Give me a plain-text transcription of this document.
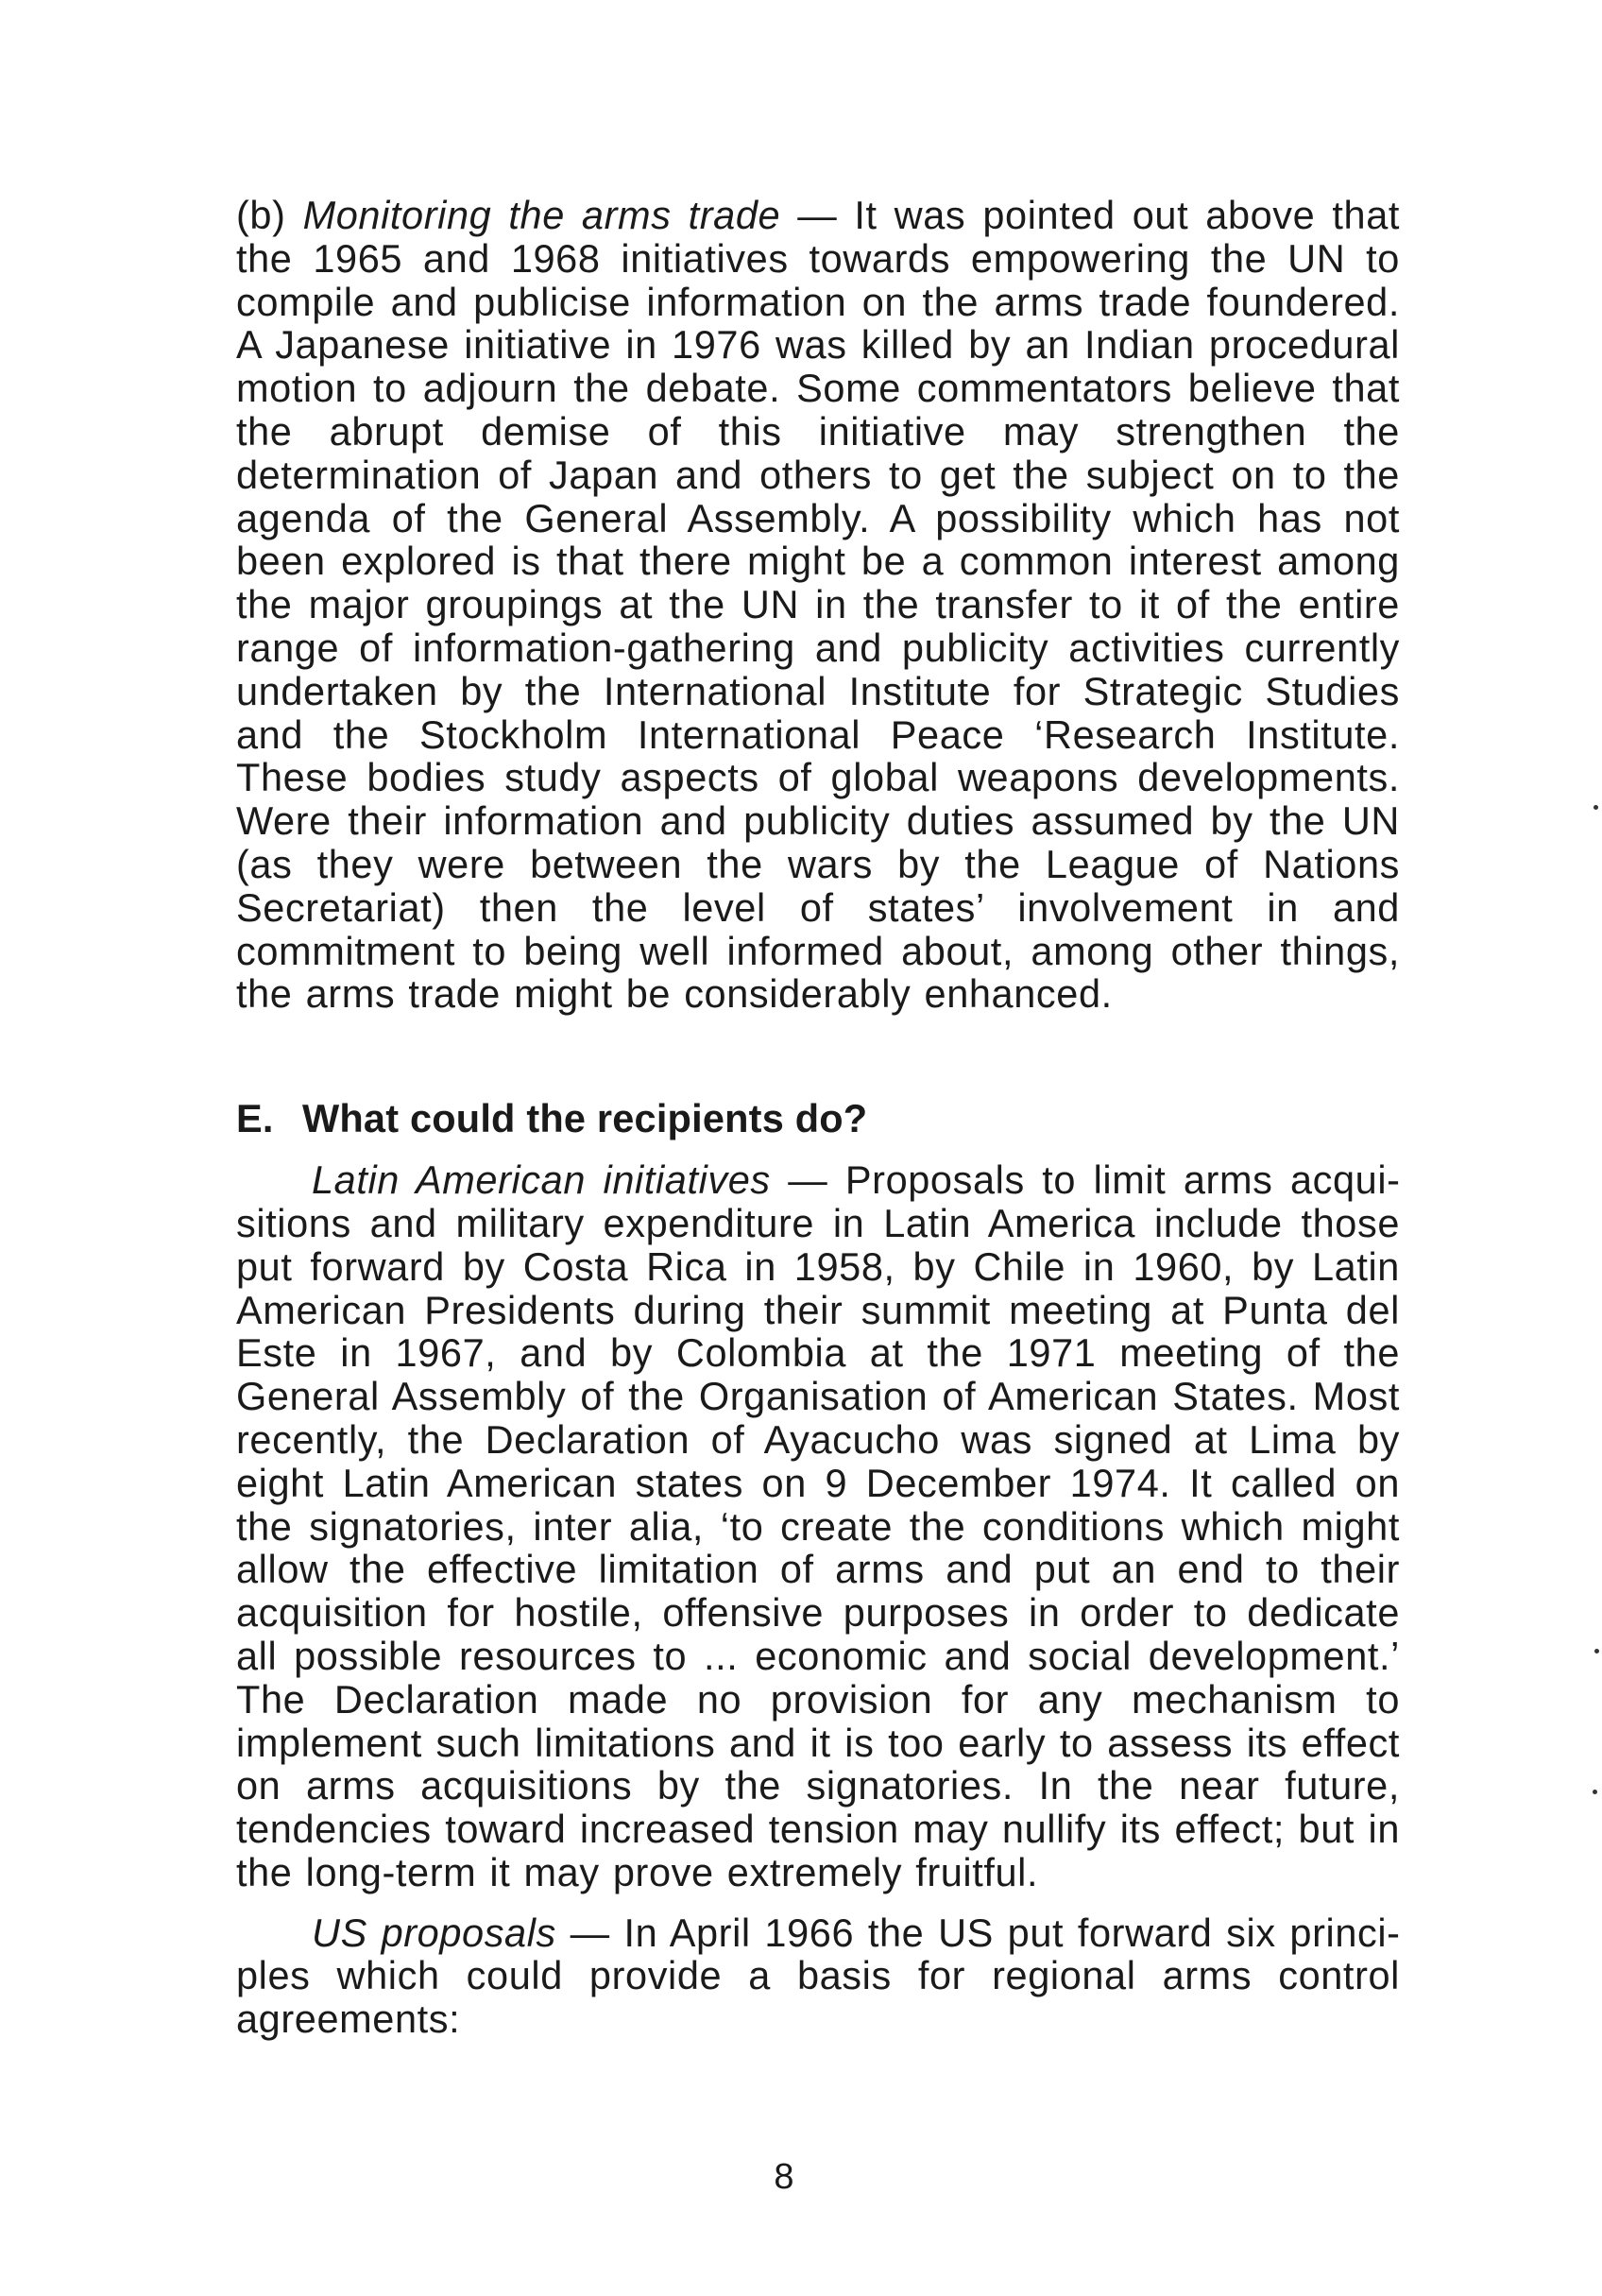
(b) Monitoring the arms trade — It was pointed out above that the 1965 and 1968 initiatives towards empowering the UN to compile and publicise information on the arms trade foundered. A Japanese initiative in 1976 was killed by an Indian procedural motion to adjourn the debate. Some commentators believe that the abrupt demise of this initiative may strengthen the determination of Japan and others to get the subject on to the agenda of the General Assembly. A possibility which has not been explored is that there might be a common interest among the major groupings at the UN in the transfer to it of the entire range of information-gathering and publicity activities currently undertaken by the International Institute for Strategic Studies and the Stockholm International Peace ‘Research Institute. These bodies study aspects of global weapons developments. Were their information and publicity duties assumed by the UN (as they were between the wars by the League of Nations Secretariat) then the level of states’ involvement in and commitment to being well informed about, among other things, the arms trade might be considerably enhanced.

E. What could the recipients do?

Latin American initiatives — Proposals to limit arms acquisitions and military expenditure in Latin America include those put forward by Costa Rica in 1958, by Chile in 1960, by Latin American Presidents during their summit meeting at Punta del Este in 1967, and by Colombia at the 1971 meeting of the General Assembly of the Organisation of American States. Most recently, the Declaration of Ayacucho was signed at Lima by eight Latin American states on 9 December 1974. It called on the signatories, inter alia, ‘to create the conditions which might allow the effective limitation of arms and put an end to their acquisition for hostile, offensive purposes in order to dedicate all possible resources to ... economic and social development.’ The Declaration made no provision for any mechanism to implement such limitations and it is too early to assess its effect on arms acquisitions by the signatories. In the near future, tendencies toward increased tension may nullify its effect; but in the long-term it may prove extremely fruitful.

US proposals — In April 1966 the US put forward six principles which could provide a basis for regional arms control agreements:

8
